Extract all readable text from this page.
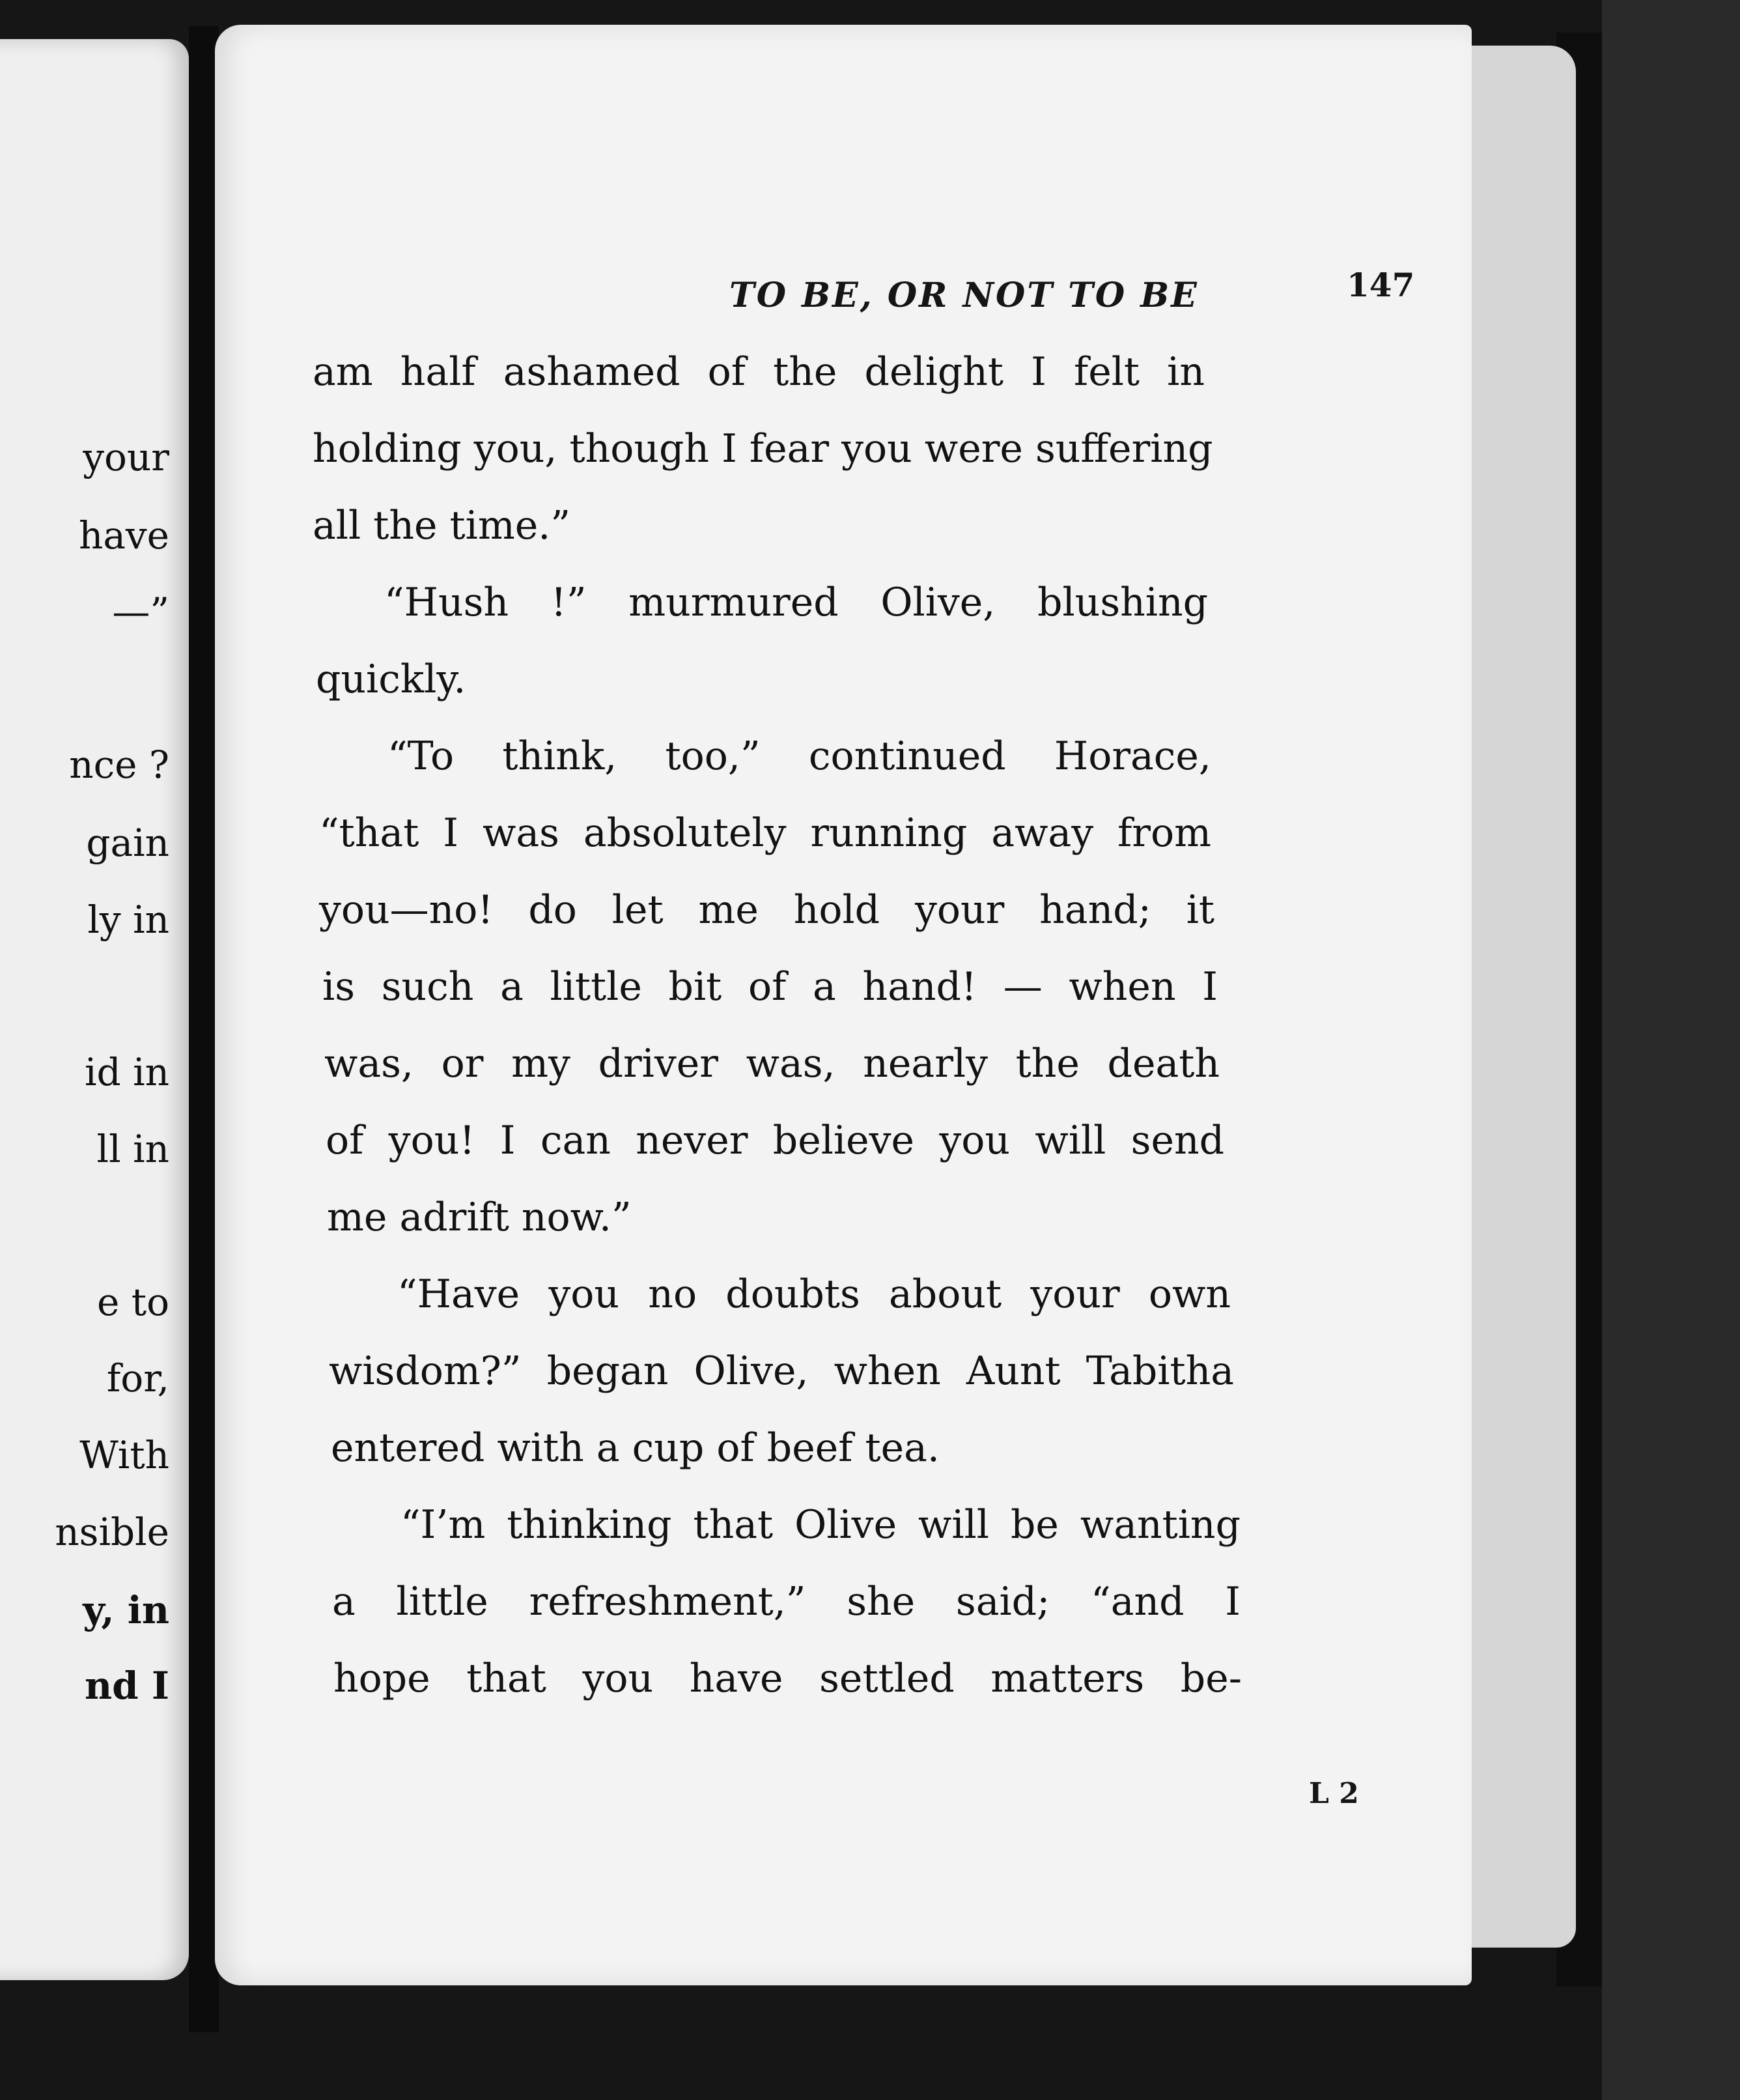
your
have
—”
nce ?
gain
ly in
id in
ll in
e to
for,
With
nsible
y, in
nd I
TO BE, OR NOT TO BE	147
am half ashamed of the delight I felt in
holding you, though I fear you were suffering
all the time.”
“Hush !” murmured Olive, blushing
quickly.
“To think, too,” continued Horace,
“that I was absolutely running away from
you—no! do let me hold your hand; it
is such a little bit of a hand! — when I
was, or my driver was, nearly the death
of you! I can never believe you will send
me adrift now.”
“Have you no doubts about your own
wisdom?” began Olive, when Aunt Tabitha
entered with a cup of beef tea.
“I’m thinking that Olive will be wanting
a little refreshment,” she said; “and I
hope that you have settled matters be-
L 2
